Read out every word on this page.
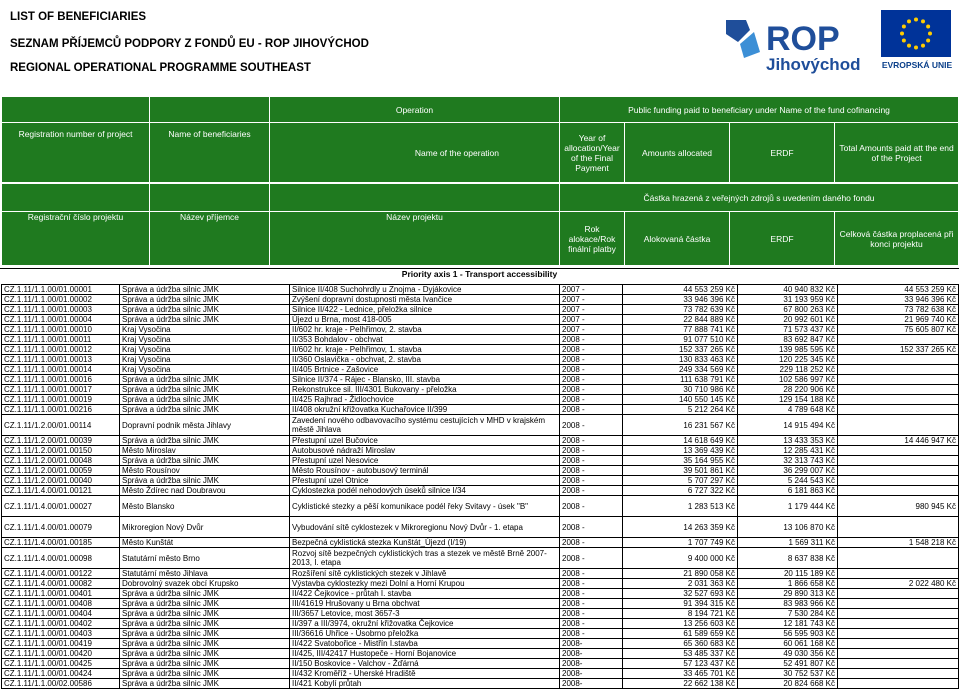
LIST OF BENEFICIARIES
SEZNAM PŘÍJEMCŮ PODPORY Z FONDŮ EU - ROP JIHOVÝCHOD
REGIONAL OPERATIONAL PROGRAMME SOUTHEAST
ROP
Jihovýchod	EVROPSKÁ UNIE
		Operation	Public funding paid to beneficiary under Name of the fund cofinancing			
Registration number of project	Name of beneficiaries	Name of the operation	Year of allocation/Year of the Final Payment	Amounts allocated	ERDF	Total Amounts paid att the end of the Project
			Částka hrazená z veřejných zdrojů s uvedením daného fondu			
Registrační číslo projektu	Název příjemce	Název projektu	Rok alokace/Rok finální platby	Alokovaná částka	ERDF	Celková částka proplacená při konci projektu
Priority axis 1 - Transport accessibility
CZ.1.11/1.1.00/01.00001	Správa a údržba silnic JMK	Silnice II/408 Suchohrdly u Znojma - Dyjákovice	2007 -	44 553 259 Kč	40 940 832 Kč	44 553 259 Kč
CZ.1.11/1.1.00/01.00002	Správa a údržba silnic JMK	Zvýšení dopravní dostupnosti města Ivančice	2007 -	33 946 396 Kč	31 193 959 Kč	33 946 396 Kč
CZ.1.11/1.1.00/01.00003	Správa a údržba silnic JMK	Silnice II/422 - Lednice, přeložka silnice	2007 -	73 782 639 Kč	67 800 263 Kč	73 782 638 Kč
CZ.1.11/1.1.00/01.00004	Správa a údržba silnic JMK	Újezd u Brna, most 418-005	2007 -	22 844 889 Kč	20 992 601 Kč	21 969 740 Kč
CZ.1.11/1.1.00/01.00010	Kraj Vysočina	II/602 hr. kraje - Pelhřimov, 2. stavba	2007 -	77 888 741 Kč	71 573 437 Kč	75 605 807 Kč
CZ.1.11/1.1.00/01.00011	Kraj Vysočina	II/353 Bohdalov - obchvat	2008 -	91 077 510 Kč	83 692 847 Kč	
CZ.1.11/1.1.00/01.00012	Kraj Vysočina	II/602 hr. kraje - Pelhřimov, 1. stavba	2008 -	152 337 265 Kč	139 985 595 Kč	152 337 265 Kč
CZ.1.11/1.1.00/01.00013	Kraj Vysočina	II/360 Oslavička - obchvat, 2. stavba	2008 -	130 833 463 Kč	120 225 345 Kč	
CZ.1.11/1.1.00/01.00014	Kraj Vysočina	II/405 Brtnice - Zašovice	2008 -	249 334 569 Kč	229 118 252 Kč	
CZ.1.11/1.1.00/01.00016	Správa a údržba silnic JMK	Silnice II/374 - Rájec - Blansko, III. stavba	2008 -	111 638 791 Kč	102 586 997 Kč	
CZ.1.11/1.1.00/01.00017	Správa a údržba silnic JMK	Rekonstrukce sil. III/4301 Bukovany - přeložka	2008 -	30 710 986 Kč	28 220 906 Kč	
CZ.1.11/1.1.00/01.00019	Správa a údržba silnic JMK	II/425 Rajhrad - Židlochovice	2008 -	140 550 145 Kč	129 154 188 Kč	
CZ.1.11/1.1.00/01.00216	Správa a údržba silnic JMK	II/408 okružní křižovatka Kuchařovice II/399	2008 -	5 212 264 Kč	4 789 648 Kč	
CZ.1.11/1.2.00/01.00114	Dopravní podnik města Jihlavy	Zavedení nového odbavovacího systému cestujících v MHD v krajském městě Jihlava	2008 -	16 231 567 Kč	14 915 494 Kč	
CZ.1.11/1.2.00/01.00039	Správa a údržba silnic JMK	Přestupní uzel Bučovice	2008 -	14 618 649 Kč	13 433 353 Kč	14 446 947 Kč
CZ.1.11/1.2.00/01.00150	Město Miroslav	Autobusové nádraží Miroslav	2008 -	13 369 439 Kč	12 285 431 Kč	
CZ.1.11/1.2.00/01.00048	Správa a údržba silnic JMK	Přestupní uzel Nesovice	2008 -	35 164 955 Kč	32 313 743 Kč	
CZ.1.11/1.2.00/01.00059	Město Rousínov	Město Rousínov - autobusový terminál	2008 -	39 501 861 Kč	36 299 007 Kč	
CZ.1.11/1.2.00/01.00040	Správa a údržba silnic JMK	Přestupní uzel Otnice	2008 -	5 707 297 Kč	5 244 543 Kč	
CZ.1.11/1.4.00/01.00121	Město Ždírec nad Doubravou	Cyklostezka podél nehodových úseků silnice I/34	2008 -	6 727 322 Kč	6 181 863 Kč	
CZ.1.11/1.4.00/01.00027	Město Blansko	Cyklistické stezky a pěší komunikace podél řeky Svitavy - úsek "B"	2008 -	1 283 513 Kč	1 179 444 Kč	980 945 Kč
CZ.1.11/1.4.00/01.00079	Mikroregion Nový Dvůr	Vybudování sítě cyklostezek v Mikroregionu Nový Dvůr - 1. etapa	2008 -	14 263 359 Kč	13 106 870 Kč	
CZ.1.11/1.4.00/01.00185	Město Kunštát	Bezpečná cyklistická stezka Kunštát_Újezd (I/19)	2008 -	1 707 749 Kč	1 569 311 Kč	1 548 218 Kč
CZ.1.11/1.4.00/01.00098	Statutární město Brno	Rozvoj sítě bezpečných cyklistických tras a stezek ve městě Brně 2007-2013, I. etapa	2008 -	9 400 000 Kč	8 637 838 Kč	
CZ.1.11/1.4.00/01.00122	Statutární město Jihlava	Rozšíření sítě cyklistických stezek v Jihlavě	2008 -	21 890 058 Kč	20 115 189 Kč	
CZ.1.11/1.4.00/01.00082	Dobrovolný svazek obcí Krupsko	Výstavba cyklostezky mezi Dolní a Horní Krupou	2008 -	2 031 363 Kč	1 866 658 Kč	2 022 480 Kč
CZ.1.11/1.1.00/01.00401	Správa a údržba silnic JMK	II/422 Čejkovice - průtah I. stavba	2008 -	32 527 693 Kč	29 890 313 Kč	
CZ.1.11/1.1.00/01.00408	Správa a údržba silnic JMK	III/41619 Hrušovany u Brna obchvat	2008 -	91 394 315 Kč	83 983 966 Kč	
CZ.1.11/1.1.00/01.00404	Správa a údržba silnic JMK	III/3657 Letovice, most 3657-3	2008 -	8 194 721 Kč	7 530 284 Kč	
CZ.1.11/1.1.00/01.00402	Správa a údržba silnic JMK	II/397 a III/3974, okružní křižovatka Čejkovice	2008 -	13 256 603 Kč	12 181 743 Kč	
CZ.1.11/1.1.00/01.00403	Správa a údržba silnic JMK	III/36616 Uhřice - Úsobrno přeložka	2008 -	61 589 659 Kč	56 595 903 Kč	
CZ.1.11/1.1.00/01.00419	Správa a údržba silnic JMK	II/422 Svatobořice - Mistřín I.stavba	2008-	65 360 683 Kč	60 061 168 Kč	
CZ.1.11/1.1.00/01.00420	Správa a údržba silnic JMK	II/425, III/42417 Hustopeče - Horní Bojanovice	2008-	53 485 337 Kč	49 030 356 Kč	
CZ.1.11/1.1.00/01.00425	Správa a údržba silnic JMK	II/150 Boskovice - Valchov - Žďárná	2008-	57 123 437 Kč	52 491 807 Kč	
CZ.1.11/1.1.00/01.00424	Správa a údržba silnic JMK	II/432 Kroměříž - Uherské Hradiště	2008-	33 465 701 Kč	30 752 537 Kč	
CZ.1.11/1.1.00/02.00586	Správa a údržba silnic JMK	II/421 Kobylí průtah	2008-	22 662 138 Kč	20 824 668 Kč	
